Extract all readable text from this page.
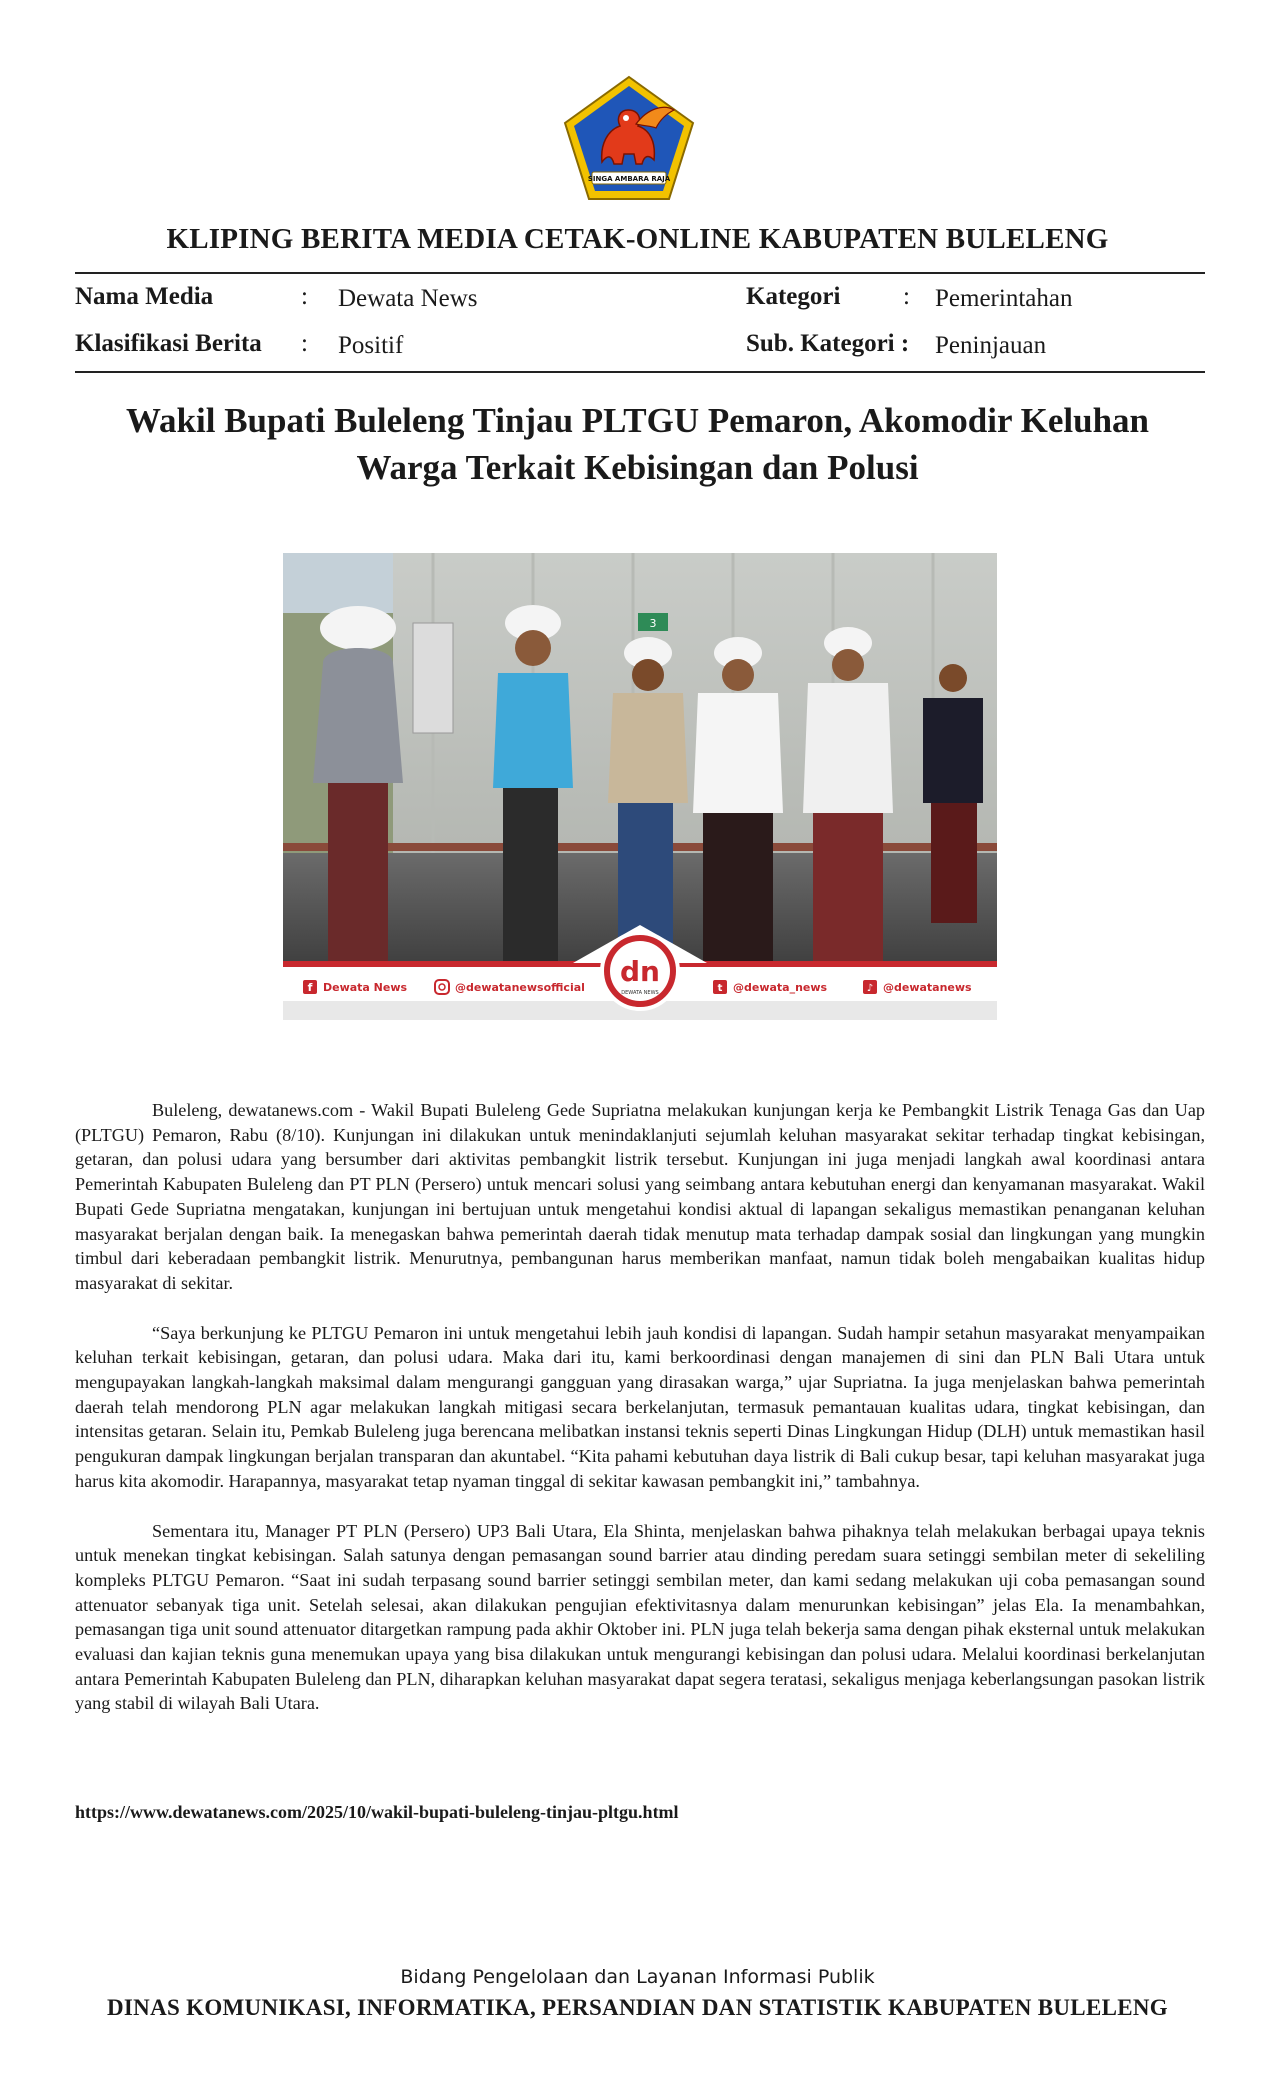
SINGA AMBARA RAJA
KLIPING BERITA MEDIA CETAK-ONLINE KABUPATEN BULELENG
Nama Media	: Dewata News
Klasifikasi Berita : Positif
Kategori	: Pemerintahan
Sub. Kategori : Peninjauan
Wakil Bupati Buleleng Tinjau PLTGU Pemaron, Akomodir Keluhan
Warga Terkait Kebisingan dan Polusi
3
dn
DEWATA NEWS
f Dewata News	@dewatanewsofficial	t @dewata_news	♪ @dewatanews

Buleleng, dewatanews.com - Wakil Bupati Buleleng Gede Supriatna melakukan kunjungan kerja ke Pembangkit Listrik Tenaga Gas dan Uap (PLTGU) Pemaron, Rabu (8/10). Kunjungan ini dilakukan untuk menindaklanjuti sejumlah keluhan masyarakat sekitar terhadap tingkat kebisingan, getaran, dan polusi udara yang bersumber dari aktivitas pembangkit listrik tersebut. Kunjungan ini juga menjadi langkah awal koordinasi antara Pemerintah Kabupaten Buleleng dan PT PLN (Persero) untuk mencari solusi yang seimbang antara kebutuhan energi dan kenyamanan masyarakat. Wakil Bupati Gede Supriatna mengatakan, kunjungan ini bertujuan untuk mengetahui kondisi aktual di lapangan sekaligus memastikan penanganan keluhan masyarakat berjalan dengan baik. Ia menegaskan bahwa pemerintah daerah tidak menutup mata terhadap dampak sosial dan lingkungan yang mungkin timbul dari keberadaan pembangkit listrik. Menurutnya, pembangunan harus memberikan manfaat, namun tidak boleh mengabaikan kualitas hidup masyarakat di sekitar.

“Saya berkunjung ke PLTGU Pemaron ini untuk mengetahui lebih jauh kondisi di lapangan. Sudah hampir setahun masyarakat menyampaikan keluhan terkait kebisingan, getaran, dan polusi udara. Maka dari itu, kami berkoordinasi dengan manajemen di sini dan PLN Bali Utara untuk mengupayakan langkah-langkah maksimal dalam mengurangi gangguan yang dirasakan warga,” ujar Supriatna. Ia juga menjelaskan bahwa pemerintah daerah telah mendorong PLN agar melakukan langkah mitigasi secara berkelanjutan, termasuk pemantauan kualitas udara, tingkat kebisingan, dan intensitas getaran. Selain itu, Pemkab Buleleng juga berencana melibatkan instansi teknis seperti Dinas Lingkungan Hidup (DLH) untuk memastikan hasil pengukuran dampak lingkungan berjalan transparan dan akuntabel. “Kita pahami kebutuhan daya listrik di Bali cukup besar, tapi keluhan masyarakat juga harus kita akomodir. Harapannya, masyarakat tetap nyaman tinggal di sekitar kawasan pembangkit ini,” tambahnya.

Sementara itu, Manager PT PLN (Persero) UP3 Bali Utara, Ela Shinta, menjelaskan bahwa pihaknya telah melakukan berbagai upaya teknis untuk menekan tingkat kebisingan. Salah satunya dengan pemasangan sound barrier atau dinding peredam suara setinggi sembilan meter di sekeliling kompleks PLTGU Pemaron. “Saat ini sudah terpasang sound barrier setinggi sembilan meter, dan kami sedang melakukan uji coba pemasangan sound attenuator sebanyak tiga unit. Setelah selesai, akan dilakukan pengujian efektivitasnya dalam menurunkan kebisingan” jelas Ela. Ia menambahkan, pemasangan tiga unit sound attenuator ditargetkan rampung pada akhir Oktober ini. PLN juga telah bekerja sama dengan pihak eksternal untuk melakukan evaluasi dan kajian teknis guna menemukan upaya yang bisa dilakukan untuk mengurangi kebisingan dan polusi udara. Melalui koordinasi berkelanjutan antara Pemerintah Kabupaten Buleleng dan PLN, diharapkan keluhan masyarakat dapat segera teratasi, sekaligus menjaga keberlangsungan pasokan listrik yang stabil di wilayah Bali Utara.

https://www.dewatanews.com/2025/10/wakil-bupati-buleleng-tinjau-pltgu.html
Bidang Pengelolaan dan Layanan Informasi Publik
DINAS KOMUNIKASI, INFORMATIKA, PERSANDIAN DAN STATISTIK KABUPATEN BULELENG
